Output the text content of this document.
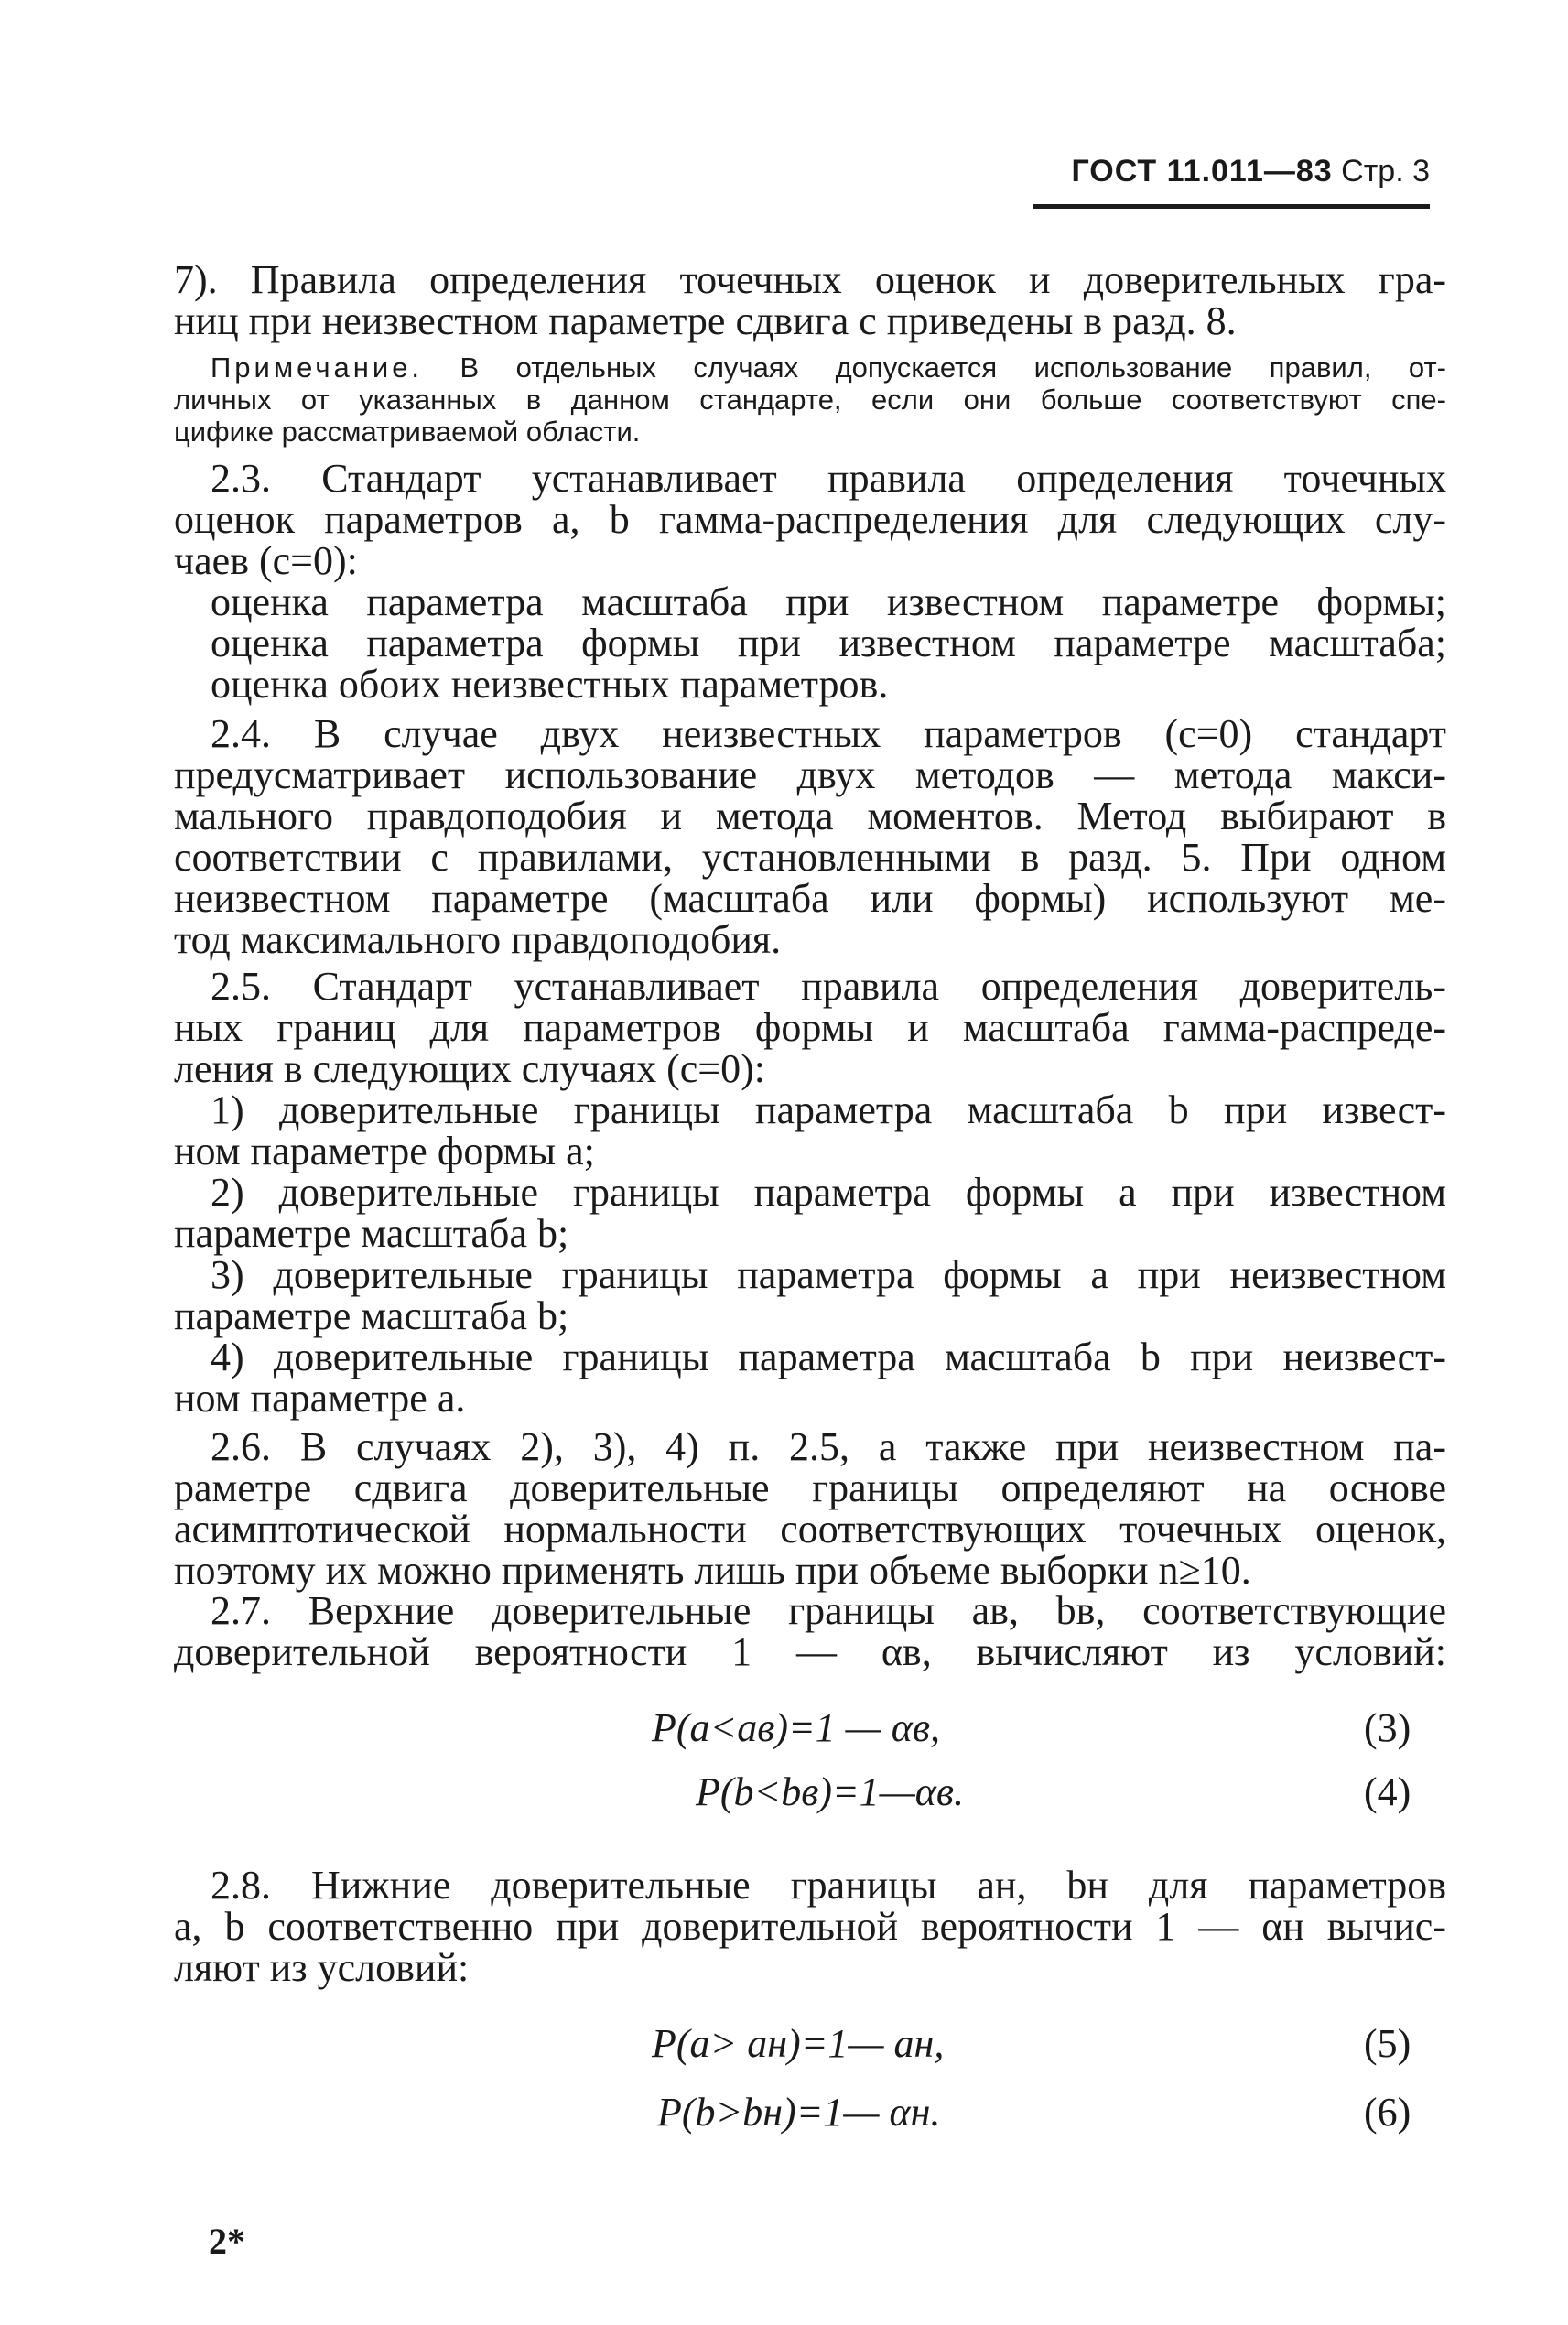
ГОСТ 11.011—83 Стр. 3
7). Правила определения точечных оценок и доверительных гра-
ниц при неизвестном параметре сдвига c приведены в разд. 8.
Примечание. В отдельных случаях допускается использование правил, от-
личных от указанных в данном стандарте, если они больше соответствуют спе-
цифике рассматриваемой области.
2.3. Стандарт устанавливает правила определения точечных
оценок параметров a, b гамма-распределения для следующих слу-
чаев (c=0):
оценка параметра масштаба при известном параметре формы;
оценка параметра формы при известном параметре масштаба;
оценка обоих неизвестных параметров.
2.4. В случае двух неизвестных параметров (c=0) стандарт
предусматривает использование двух методов — метода макси-
мального правдоподобия и метода моментов. Метод выбирают в
соответствии с правилами, установленными в разд. 5. При одном
неизвестном параметре (масштаба или формы) используют ме-
тод максимального правдоподобия.
2.5. Стандарт устанавливает правила определения доверитель-
ных границ для параметров формы и масштаба гамма-распреде-
ления в следующих случаях (c=0):
1) доверительные границы параметра масштаба b при извест-
ном параметре формы a;
2) доверительные границы параметра формы a при известном
параметре масштаба b;
3) доверительные границы параметра формы a при неизвестном
параметре масштаба b;
4) доверительные границы параметра масштаба b при неизвест-
ном параметре a.
2.6. В случаях 2), 3), 4) п. 2.5, а также при неизвестном па-
раметре сдвига доверительные границы определяют на основе
асимптотической нормальности соответствующих точечных оценок,
поэтому их можно применять лишь при объеме выборки n≥10.
2.7. Верхние доверительные границы aв, bв, соответствующие
доверительной вероятности 1 — αв, вычисляют из условий:
P(a<aв)=1 — αв,	(3)
P(b<bв)=1—αв.	(4)
2.8. Нижние доверительные границы aн, bн для параметров
a, b соответственно при доверительной вероятности 1 — αн вычис-
ляют из условий:
P(a> aн)=1— aн,	(5)
P(b>bн)=1— αн.	(6)
2*
